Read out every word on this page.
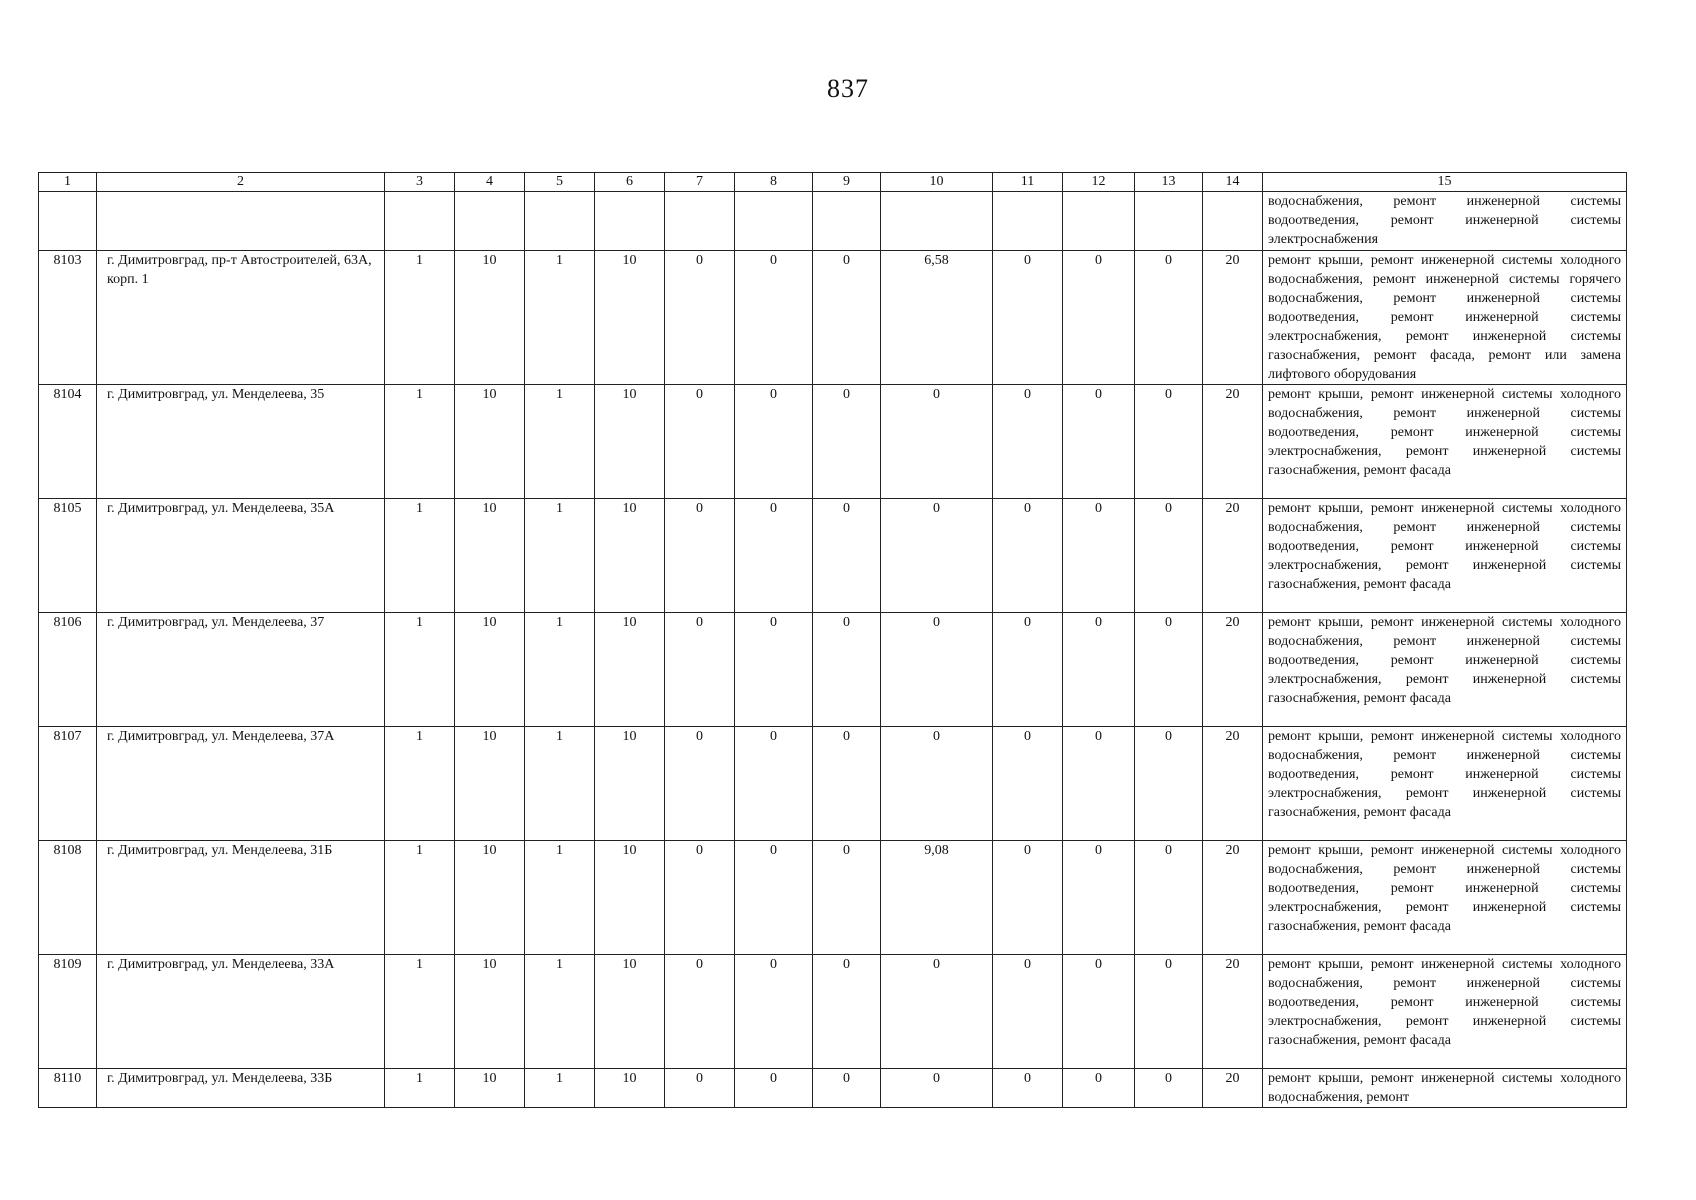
837
1	2	3	4	5	6	7	8	9	10	11	12	13	14	15
														водоснабжения, ремонт инженерной системы водоотведения, ремонт инженерной системы электроснабжения
8103	г. Димитровград, пр-т Автостроителей, 63А, корп. 1	1	10	1	10	0	0	0	6,58	0	0	0	20	ремонт крыши, ремонт инженерной системы холодного водоснабжения, ремонт инженерной системы горячего водоснабжения, ремонт инженерной системы водоотведения, ремонт инженерной системы электроснабжения, ремонт инженерной системы газоснабжения, ремонт фасада, ремонт или замена лифтового оборудования
8104	г. Димитровград, ул. Менделеева, 35	1	10	1	10	0	0	0	0	0	0	0	20	ремонт крыши, ремонт инженерной системы холодного водоснабжения, ремонт инженерной системы водоотведения, ремонт инженерной системы электроснабжения, ремонт инженерной системы газоснабжения, ремонт фасада
8105	г. Димитровград, ул. Менделеева, 35А	1	10	1	10	0	0	0	0	0	0	0	20	ремонт крыши, ремонт инженерной системы холодного водоснабжения, ремонт инженерной системы водоотведения, ремонт инженерной системы электроснабжения, ремонт инженерной системы газоснабжения, ремонт фасада
8106	г. Димитровград, ул. Менделеева, 37	1	10	1	10	0	0	0	0	0	0	0	20	ремонт крыши, ремонт инженерной системы холодного водоснабжения, ремонт инженерной системы водоотведения, ремонт инженерной системы электроснабжения, ремонт инженерной системы газоснабжения, ремонт фасада
8107	г. Димитровград, ул. Менделеева, 37А	1	10	1	10	0	0	0	0	0	0	0	20	ремонт крыши, ремонт инженерной системы холодного водоснабжения, ремонт инженерной системы водоотведения, ремонт инженерной системы электроснабжения, ремонт инженерной системы газоснабжения, ремонт фасада
8108	г. Димитровград, ул. Менделеева, 31Б	1	10	1	10	0	0	0	9,08	0	0	0	20	ремонт крыши, ремонт инженерной системы холодного водоснабжения, ремонт инженерной системы водоотведения, ремонт инженерной системы электроснабжения, ремонт инженерной системы газоснабжения, ремонт фасада
8109	г. Димитровград, ул. Менделеева, 33А	1	10	1	10	0	0	0	0	0	0	0	20	ремонт крыши, ремонт инженерной системы холодного водоснабжения, ремонт инженерной системы водоотведения, ремонт инженерной системы электроснабжения, ремонт инженерной системы газоснабжения, ремонт фасада
8110	г. Димитровград, ул. Менделеева, 33Б	1	10	1	10	0	0	0	0	0	0	0	20	ремонт крыши, ремонт инженерной системы холодного водоснабжения, ремонт
